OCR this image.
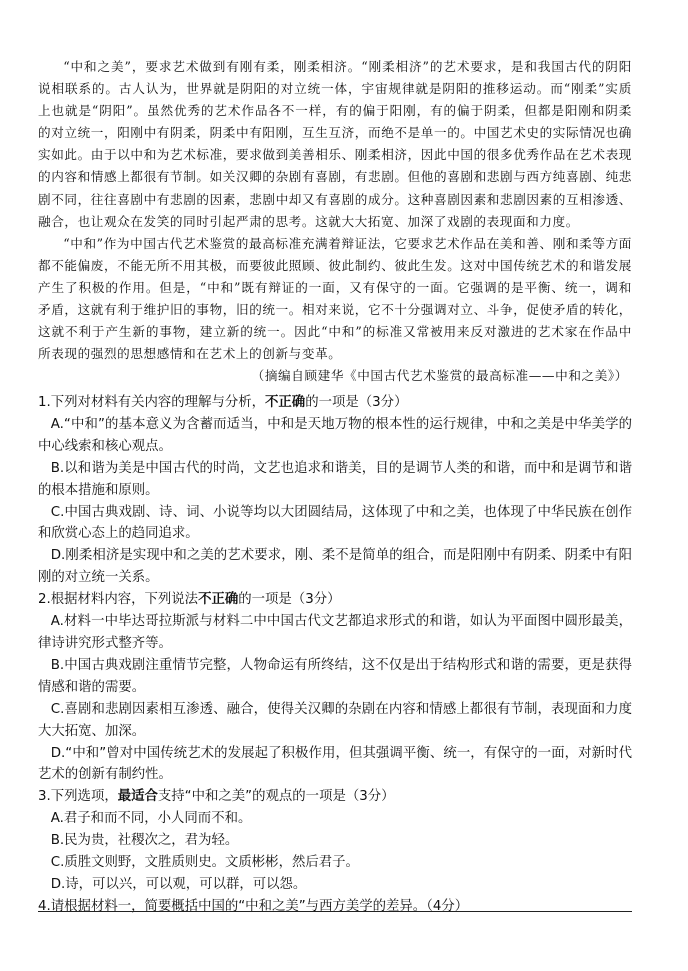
“中和之美”，要求艺术做到有刚有柔，刚柔相济。“刚柔相济”的艺术要求，是和我国古代的阴阳说相联系的。古人认为，世界就是阴阳的对立统一体，宇宙规律就是阴阳的推移运动。而“刚柔”实质上也就是“阴阳”。虽然优秀的艺术作品各不一样，有的偏于阳刚，有的偏于阴柔，但都是阳刚和阴柔的对立统一，阳刚中有阴柔，阴柔中有阳刚，互生互济，而绝不是单一的。中国艺术史的实际情况也确实如此。由于以中和为艺术标准，要求做到美善相乐、刚柔相济，因此中国的很多优秀作品在艺术表现的内容和情感上都很有节制。如关汉卿的杂剧有喜剧，有悲剧。但他的喜剧和悲剧与西方纯喜剧、纯悲剧不同，往往喜剧中有悲剧的因素，悲剧中却又有喜剧的成分。这种喜剧因素和悲剧因素的互相渗透、融合，也让观众在发笑的同时引起严肃的思考。这就大大拓宽、加深了戏剧的表现面和力度。

“中和”作为中国古代艺术鉴赏的最高标准充满着辩证法，它要求艺术作品在美和善、刚和柔等方面都不能偏废，不能无所不用其极，而要彼此照顾、彼此制约、彼此生发。这对中国传统艺术的和谐发展产生了积极的作用。但是，“中和”既有辩证的一面，又有保守的一面。它强调的是平衡、统一，调和矛盾，这就有利于维护旧的事物，旧的统一。相对来说，它不十分强调对立、斗争，促使矛盾的转化，这就不利于产生新的事物，建立新的统一。因此“中和”的标准又常被用来反对激进的艺术家在作品中所表现的强烈的思想感情和在艺术上的创新与变革。

（摘编自顾建华《中国古代艺术鉴赏的最高标准——中和之美》）

1.下列对材料有关内容的理解与分析，不正确的一项是（3分）

A.“中和”的基本意义为含蓄而适当，中和是天地万物的根本性的运行规律，中和之美是中华美学的中心线索和核心观点。

B.以和谐为美是中国古代的时尚，文艺也追求和谐美，目的是调节人类的和谐，而中和是调节和谐的根本措施和原则。

C.中国古典戏剧、诗、词、小说等均以大团圆结局，这体现了中和之美，也体现了中华民族在创作和欣赏心态上的趋同追求。

D.刚柔相济是实现中和之美的艺术要求，刚、柔不是简单的组合，而是阳刚中有阴柔、阴柔中有阳刚的对立统一关系。

2.根据材料内容，下列说法不正确的一项是（3分）

A.材料一中毕达哥拉斯派与材料二中中国古代文艺都追求形式的和谐，如认为平面图中圆形最美，律诗讲究形式整齐等。

B.中国古典戏剧注重情节完整，人物命运有所终结，这不仅是出于结构形式和谐的需要，更是获得情感和谐的需要。

C.喜剧和悲剧因素相互渗透、融合，使得关汉卿的杂剧在内容和情感上都很有节制，表现面和力度大大拓宽、加深。

D.“中和”曾对中国传统艺术的发展起了积极作用，但其强调平衡、统一，有保守的一面，对新时代艺术的创新有制约性。

3.下列选项，最适合支持“中和之美”的观点的一项是（3分）

A.君子和而不同，小人同而不和。

B.民为贵，社稷次之，君为轻。

C.质胜文则野，文胜质则史。文质彬彬，然后君子。

D.诗，可以兴，可以观，可以群，可以怨。

4.请根据材料一，简要概括中国的“中和之美”与西方美学的差异。（4分）
